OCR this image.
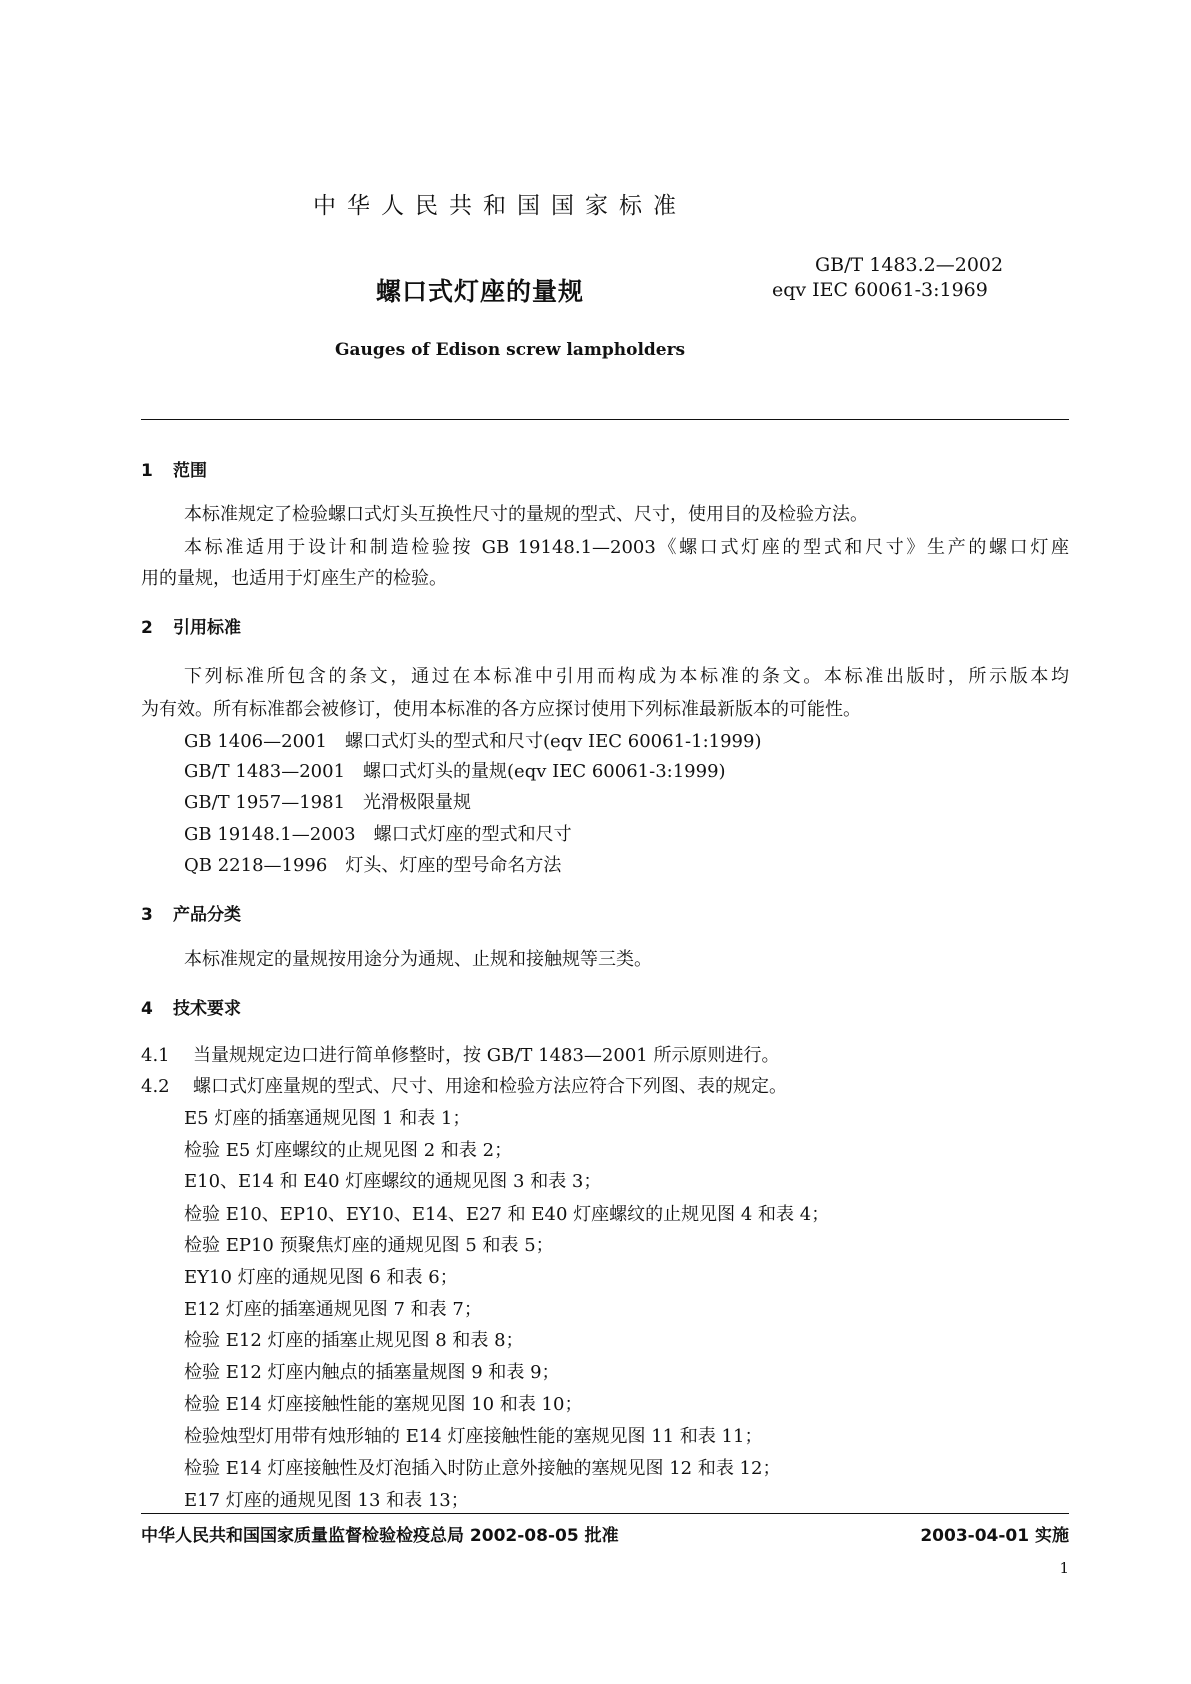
中华人民共和国国家标准
螺口式灯座的量规
GB/T 1483.2—2002
eqv IEC 60061-3:1969
Gauges of Edison screw lampholders
1 范围
本标准规定了检验螺口式灯头互换性尺寸的量规的型式、尺寸，使用目的及检验方法。
本标准适用于设计和制造检验按 GB 19148.1—2003《螺口式灯座的型式和尺寸》生产的螺口灯座
用的量规，也适用于灯座生产的检验。
2 引用标准
下列标准所包含的条文，通过在本标准中引用而构成为本标准的条文。本标准出版时，所示版本均
为有效。所有标准都会被修订，使用本标准的各方应探讨使用下列标准最新版本的可能性。
GB 1406—2001　螺口式灯头的型式和尺寸(eqv IEC 60061-1:1999)
GB/T 1483—2001　螺口式灯头的量规(eqv IEC 60061-3:1999)
GB/T 1957—1981　光滑极限量规
GB 19148.1—2003　螺口式灯座的型式和尺寸
QB 2218—1996　灯头、灯座的型号命名方法
3 产品分类
本标准规定的量规按用途分为通规、止规和接触规等三类。
4 技术要求
4.1 当量规规定边口进行简单修整时，按 GB/T 1483—2001 所示原则进行。
4.2 螺口式灯座量规的型式、尺寸、用途和检验方法应符合下列图、表的规定。
E5 灯座的插塞通规见图 1 和表 1；
检验 E5 灯座螺纹的止规见图 2 和表 2；
E10、E14 和 E40 灯座螺纹的通规见图 3 和表 3；
检验 E10、EP10、EY10、E14、E27 和 E40 灯座螺纹的止规见图 4 和表 4；
检验 EP10 预聚焦灯座的通规见图 5 和表 5；
EY10 灯座的通规见图 6 和表 6；
E12 灯座的插塞通规见图 7 和表 7；
检验 E12 灯座的插塞止规见图 8 和表 8；
检验 E12 灯座内触点的插塞量规图 9 和表 9；
检验 E14 灯座接触性能的塞规见图 10 和表 10；
检验烛型灯用带有烛形轴的 E14 灯座接触性能的塞规见图 11 和表 11；
检验 E14 灯座接触性及灯泡插入时防止意外接触的塞规见图 12 和表 12；
E17 灯座的通规见图 13 和表 13；
中华人民共和国国家质量监督检验检疫总局 2002-08-05 批准	2003-04-01 实施
1
